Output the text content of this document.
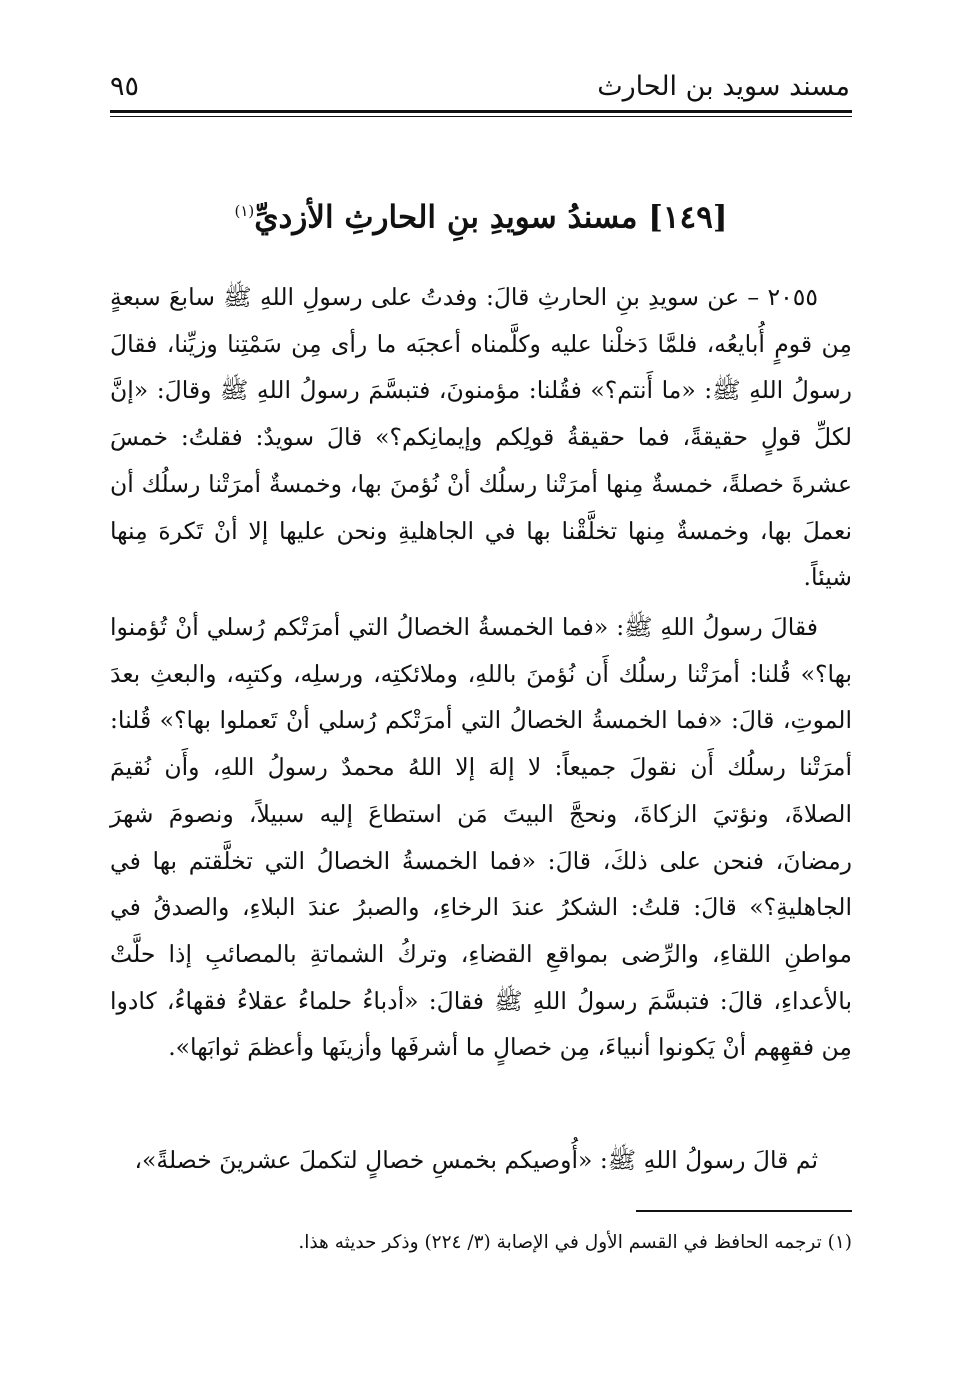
مسند سويد بن الحارث
٩٥
[١٤٩] مسندُ سويدِ بنِ الحارثِ الأزديِّ$^{(١)}$

٢٠٥٥ – عن سويدِ بنِ الحارثِ قالَ: وفدتُ على رسولِ اللهِ ﷺ سابعَ سبعةٍ مِن قومٍ أُبايعُه، فلمَّا دَخلْنا عليه وكلَّمناه أعجبَه ما رأى مِن سَمْتِنا وزيِّنا، فقالَ رسولُ اللهِ ﷺ: «ما أَنتم؟» فقُلنا: مؤمنونَ، فتبسَّمَ رسولُ اللهِ ﷺ وقالَ: «إنَّ لكلِّ قولٍ حقيقةً، فما حقيقةُ قولِكم وإيمانِكم؟» قالَ سويدٌ: فقلتُ: خمسَ عشرةَ خصلةً، خمسةٌ مِنها أمرَتْنا رسلُك أنْ نُؤمنَ بها، وخمسةٌ أمرَتْنا رسلُك أن نعملَ بها، وخمسةٌ مِنها تخلَّقْنا بها في الجاهليةِ ونحن عليها إلا أنْ تَكرهَ مِنها شيئاً.

فقالَ رسولُ اللهِ ﷺ: «فما الخمسةُ الخصالُ التي أمرَتْكم رُسلي أنْ تُؤمنوا بها؟» قُلنا: أمرَتْنا رسلُك أَن نُؤمنَ باللهِ، وملائكتِه، ورسلِه، وكتبِه، والبعثِ بعدَ الموتِ، قالَ: «فما الخمسةُ الخصالُ التي أمرَتْكم رُسلي أنْ تَعملوا بها؟» قُلنا: أمرَتْنا رسلُك أَن نقولَ جميعاً: لا إلهَ إلا اللهُ محمدٌ رسولُ اللهِ، وأَن نُقيمَ الصلاةَ، ونؤتيَ الزكاةَ، ونحجَّ البيتَ مَن استطاعَ إليه سبيلاً، ونصومَ شهرَ رمضانَ، فنحن على ذلكَ، قالَ: «فما الخمسةُ الخصالُ التي تخلَّقتم بها في الجاهليةِ؟» قالَ: قلتُ: الشكرُ عندَ الرخاءِ، والصبرُ عندَ البلاءِ، والصدقُ في مواطنِ اللقاءِ، والرِّضى بمواقعِ القضاءِ، وتركُ الشماتةِ بالمصائبِ إذا حلَّتْ بالأعداءِ، قالَ: فتبسَّمَ رسولُ اللهِ ﷺ فقالَ: «أدباءُ حلماءُ عقلاءُ فقهاءُ، كادوا مِن فقهِهم أنْ يَكونوا أنبياءَ، مِن خصالٍ ما أشرفَها وأزينَها وأعظمَ ثوابَها».

ثم قالَ رسولُ اللهِ ﷺ: «أُوصيكم بخمسِ خصالٍ لتكملَ عشرينَ خصلةً»،

(١) ترجمه الحافظ في القسم الأول في الإصابة (٣/ ٢٢٤) وذكر حديثه هذا.
